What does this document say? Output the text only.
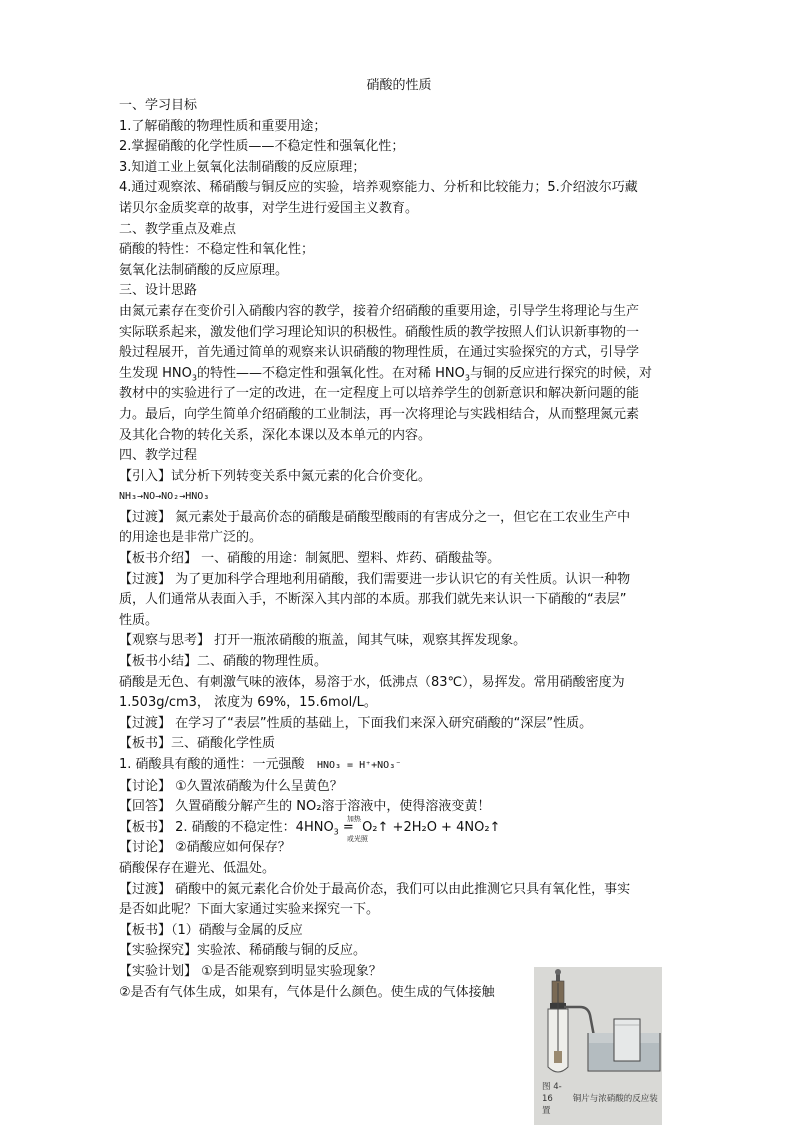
硝酸的性质
一、学习目标
1.了解硝酸的物理性质和重要用途；
2.掌握硝酸的化学性质——不稳定性和强氧化性；
3.知道工业上氨氧化法制硝酸的反应原理；
4.通过观察浓、稀硝酸与铜反应的实验，培养观察能力、分析和比较能力；5.介绍波尔巧藏
诺贝尔金质奖章的故事，对学生进行爱国主义教育。
二、教学重点及难点
硝酸的特性：不稳定性和氧化性；
氨氧化法制硝酸的反应原理。
三、设计思路
由氮元素存在变价引入硝酸内容的教学，接着介绍硝酸的重要用途，引导学生将理论与生产
实际联系起来，激发他们学习理论知识的积极性。硝酸性质的教学按照人们认识新事物的一
般过程展开，首先通过简单的观察来认识硝酸的物理性质，在通过实验探究的方式，引导学
生发现 $HNO_3$的特性——不稳定性和强氧化性。在对稀 $HNO_3$与铜的反应进行探究的时候，对
教材中的实验进行了一定的改进，在一定程度上可以培养学生的创新意识和解决新问题的能
力。最后，向学生简单介绍硝酸的工业制法，再一次将理论与实践相结合，从而整理氮元素
及其化合物的转化关系，深化本课以及本单元的内容。
四、教学过程
【引入】试分析下列转变关系中氮元素的化合价变化。
NH₃→NO→NO₂→HNO₃
【过渡】 氮元素处于最高价态的硝酸是硝酸型酸雨的有害成分之一，但它在工农业生产中
的用途也是非常广泛的。
【板书介绍】 一、硝酸的用途：制氮肥、塑料、炸药、硝酸盐等。
【过渡】 为了更加科学合理地利用硝酸，我们需要进一步认识它的有关性质。认识一种物
质，人们通常从表面入手，不断深入其内部的本质。那我们就先来认识一下硝酸的“表层”
性质。
【观察与思考】 打开一瓶浓硝酸的瓶盖，闻其气味，观察其挥发现象。
【板书小结】二、硝酸的物理性质。
硝酸是无色、有刺激气味的液体，易溶于水，低沸点（83℃），易挥发。常用硝酸密度为
1.503g/cm3， 浓度为 69%，15.6mol/L。
【过渡】 在学习了“表层”性质的基础上，下面我们来深入研究硝酸的“深层”性质。
【板书】三、硝酸化学性质
1. 硝酸具有酸的通性：一元强酸 HNO₃ = H⁺+NO₃⁻
【讨论】 ①久置浓硝酸为什么呈黄色？
【回答】 久置硝酸分解产生的 NO₂溶于溶液中，使得溶液变黄！
【板书】 2. 硝酸的不稳定性：$4HNO_3$
加热
=
或光照
O₂↑ +2H₂O + 4NO₂↑
【讨论】 ②硝酸应如何保存？
硝酸保存在避光、低温处。
【过渡】 硝酸中的氮元素化合价处于最高价态，我们可以由此推测它只具有氧化性，事实
是否如此呢？下面大家通过实验来探究一下。
【板书】（1）硝酸与金属的反应
【实验探究】实验浓、稀硝酸与铜的反应。
【实验计划】 ①是否能观察到明显实验现象？
②是否有气体生成，如果有，气体是什么颜色。使生成的气体接触
图 4-16 铜片与浓硝酸的反应装置
